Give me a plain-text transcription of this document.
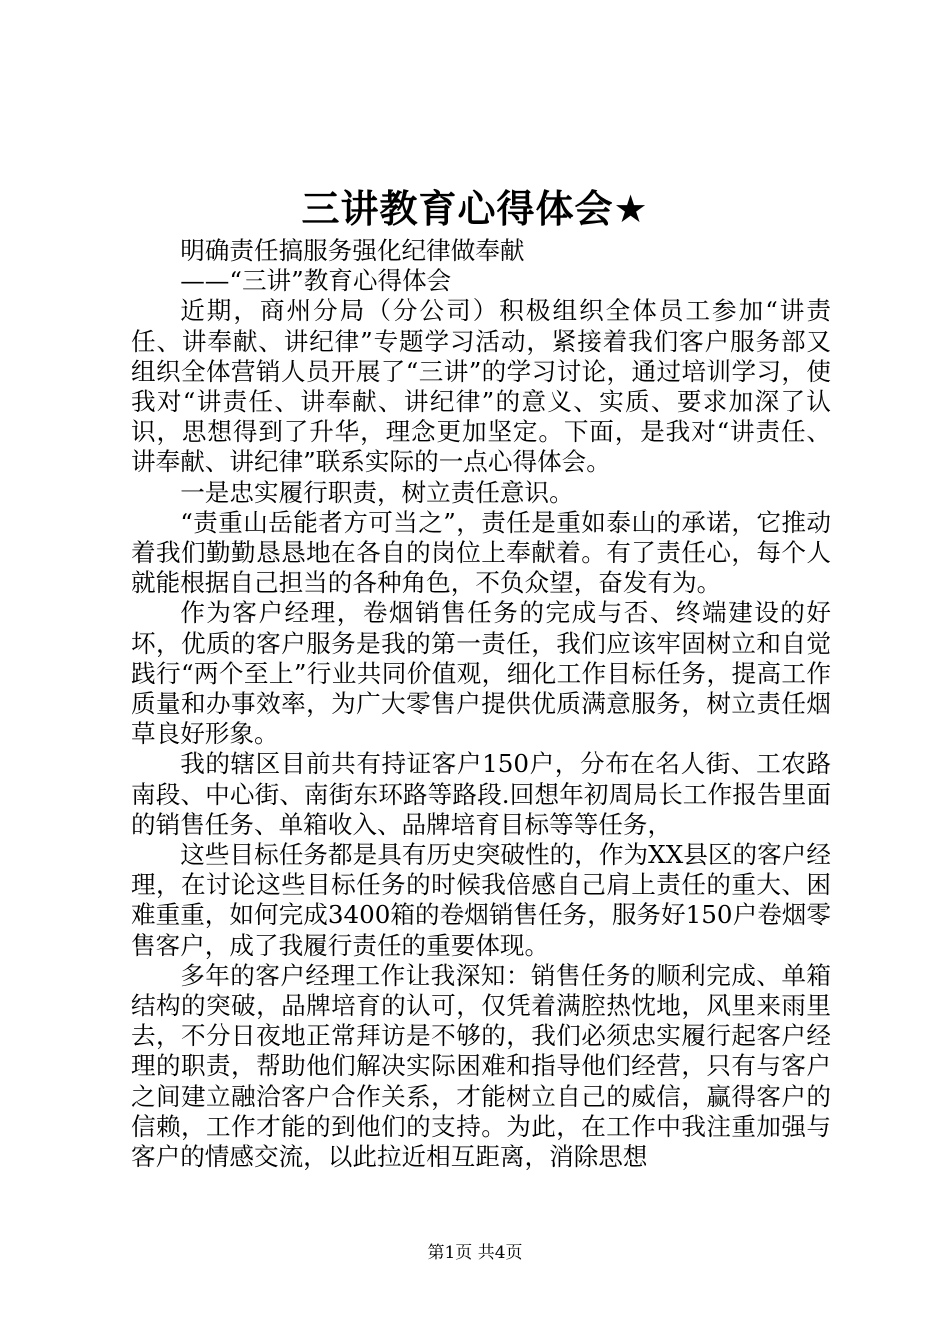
三讲教育心得体会★

明确责任搞服务强化纪律做奉献

——“三讲”教育心得体会

近期，商州分局（分公司）积极组织全体员工参加“讲责任、讲奉献、讲纪律”专题学习活动，紧接着我们客户服务部又组织全体营销人员开展了“三讲”的学习讨论，通过培训学习，使我对“讲责任、讲奉献、讲纪律”的意义、实质、要求加深了认识，思想得到了升华，理念更加坚定。下面，是我对“讲责任、讲奉献、讲纪律”联系实际的一点心得体会。

一是忠实履行职责，树立责任意识。

“责重山岳能者方可当之”，责任是重如泰山的承诺，它推动着我们勤勤恳恳地在各自的岗位上奉献着。有了责任心，每个人就能根据自己担当的各种角色，不负众望，奋发有为。

作为客户经理，卷烟销售任务的完成与否、终端建设的好坏，优质的客户服务是我的第一责任，我们应该牢固树立和自觉践行“两个至上”行业共同价值观，细化工作目标任务，提高工作质量和办事效率，为广大零售户提供优质满意服务，树立责任烟草良好形象。

我的辖区目前共有持证客户150户，分布在名人街、工农路南段、中心街、南街东环路等路段.回想年初周局长工作报告里面的销售任务、单箱收入、品牌培育目标等等任务，

这些目标任务都是具有历史突破性的，作为XX县区的客户经理，在讨论这些目标任务的时候我倍感自己肩上责任的重大、困难重重，如何完成3400箱的卷烟销售任务，服务好150户卷烟零售客户，成了我履行责任的重要体现。

多年的客户经理工作让我深知：销售任务的顺利完成、单箱结构的突破，品牌培育的认可，仅凭着满腔热忱地，风里来雨里去，不分日夜地正常拜访是不够的，我们必须忠实履行起客户经理的职责，帮助他们解决实际困难和指导他们经营，只有与客户之间建立融洽客户合作关系，才能树立自己的威信，赢得客户的信赖，工作才能的到他们的支持。为此，在工作中我注重加强与客户的情感交流，以此拉近相互距离，消除思想

第1页 共4页
